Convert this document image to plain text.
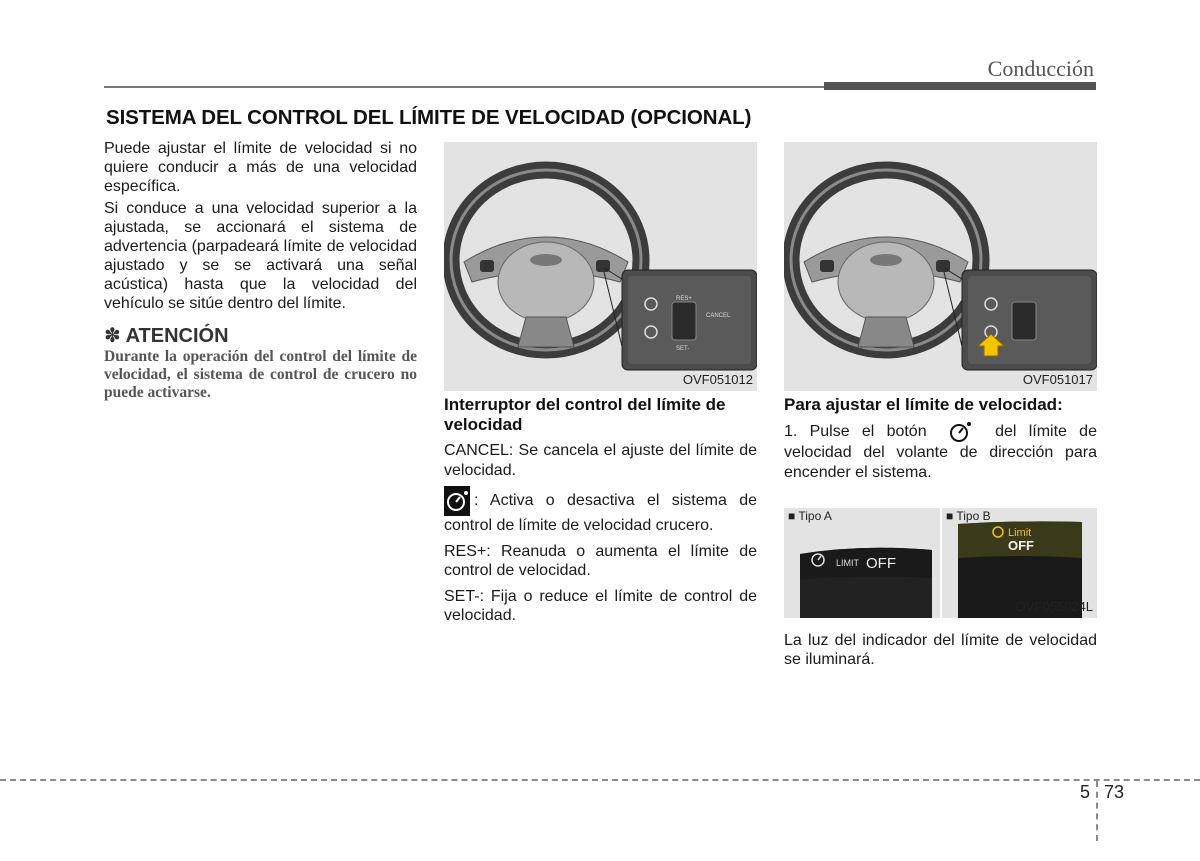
Conducción
SISTEMA DEL CONTROL DEL LÍMITE DE VELOCIDAD (OPCIONAL)

Puede ajustar el límite de velocidad si no quiere conducir a más de una velocidad específica.

Si conduce a una velocidad superior a la ajustada, se accionará el sistema de advertencia (parpadeará límite de velocidad ajustado y se se activará una señal acústica) hasta que la velocidad del vehículo se sitúe dentro del límite.

✽ ATENCIÓN
Durante la operación del control del límite de velocidad, el sistema de control de crucero no puede activarse.
RES+
SET-
CANCEL
OVF051012	OVF051017
Interruptor del control del límite de velocidad
CANCEL: Se cancela el ajuste del límite de velocidad.
: Activa o desactiva el sistema de control de límite de velocidad crucero.
RES+: Reanuda o aumenta el límite de control de velocidad.
SET-: Fija o reduce el límite de control de velocidad.
Para ajustar el límite de velocidad:
1. Pulse el botón	del límite de velocidad del volante de dirección para encender el sistema.
■ Tipo A
LIMIT OFF
■ Tipo B
Limit
OFF
OVF055024L

La luz del indicador del límite de velocidad se iluminará.

5 73
